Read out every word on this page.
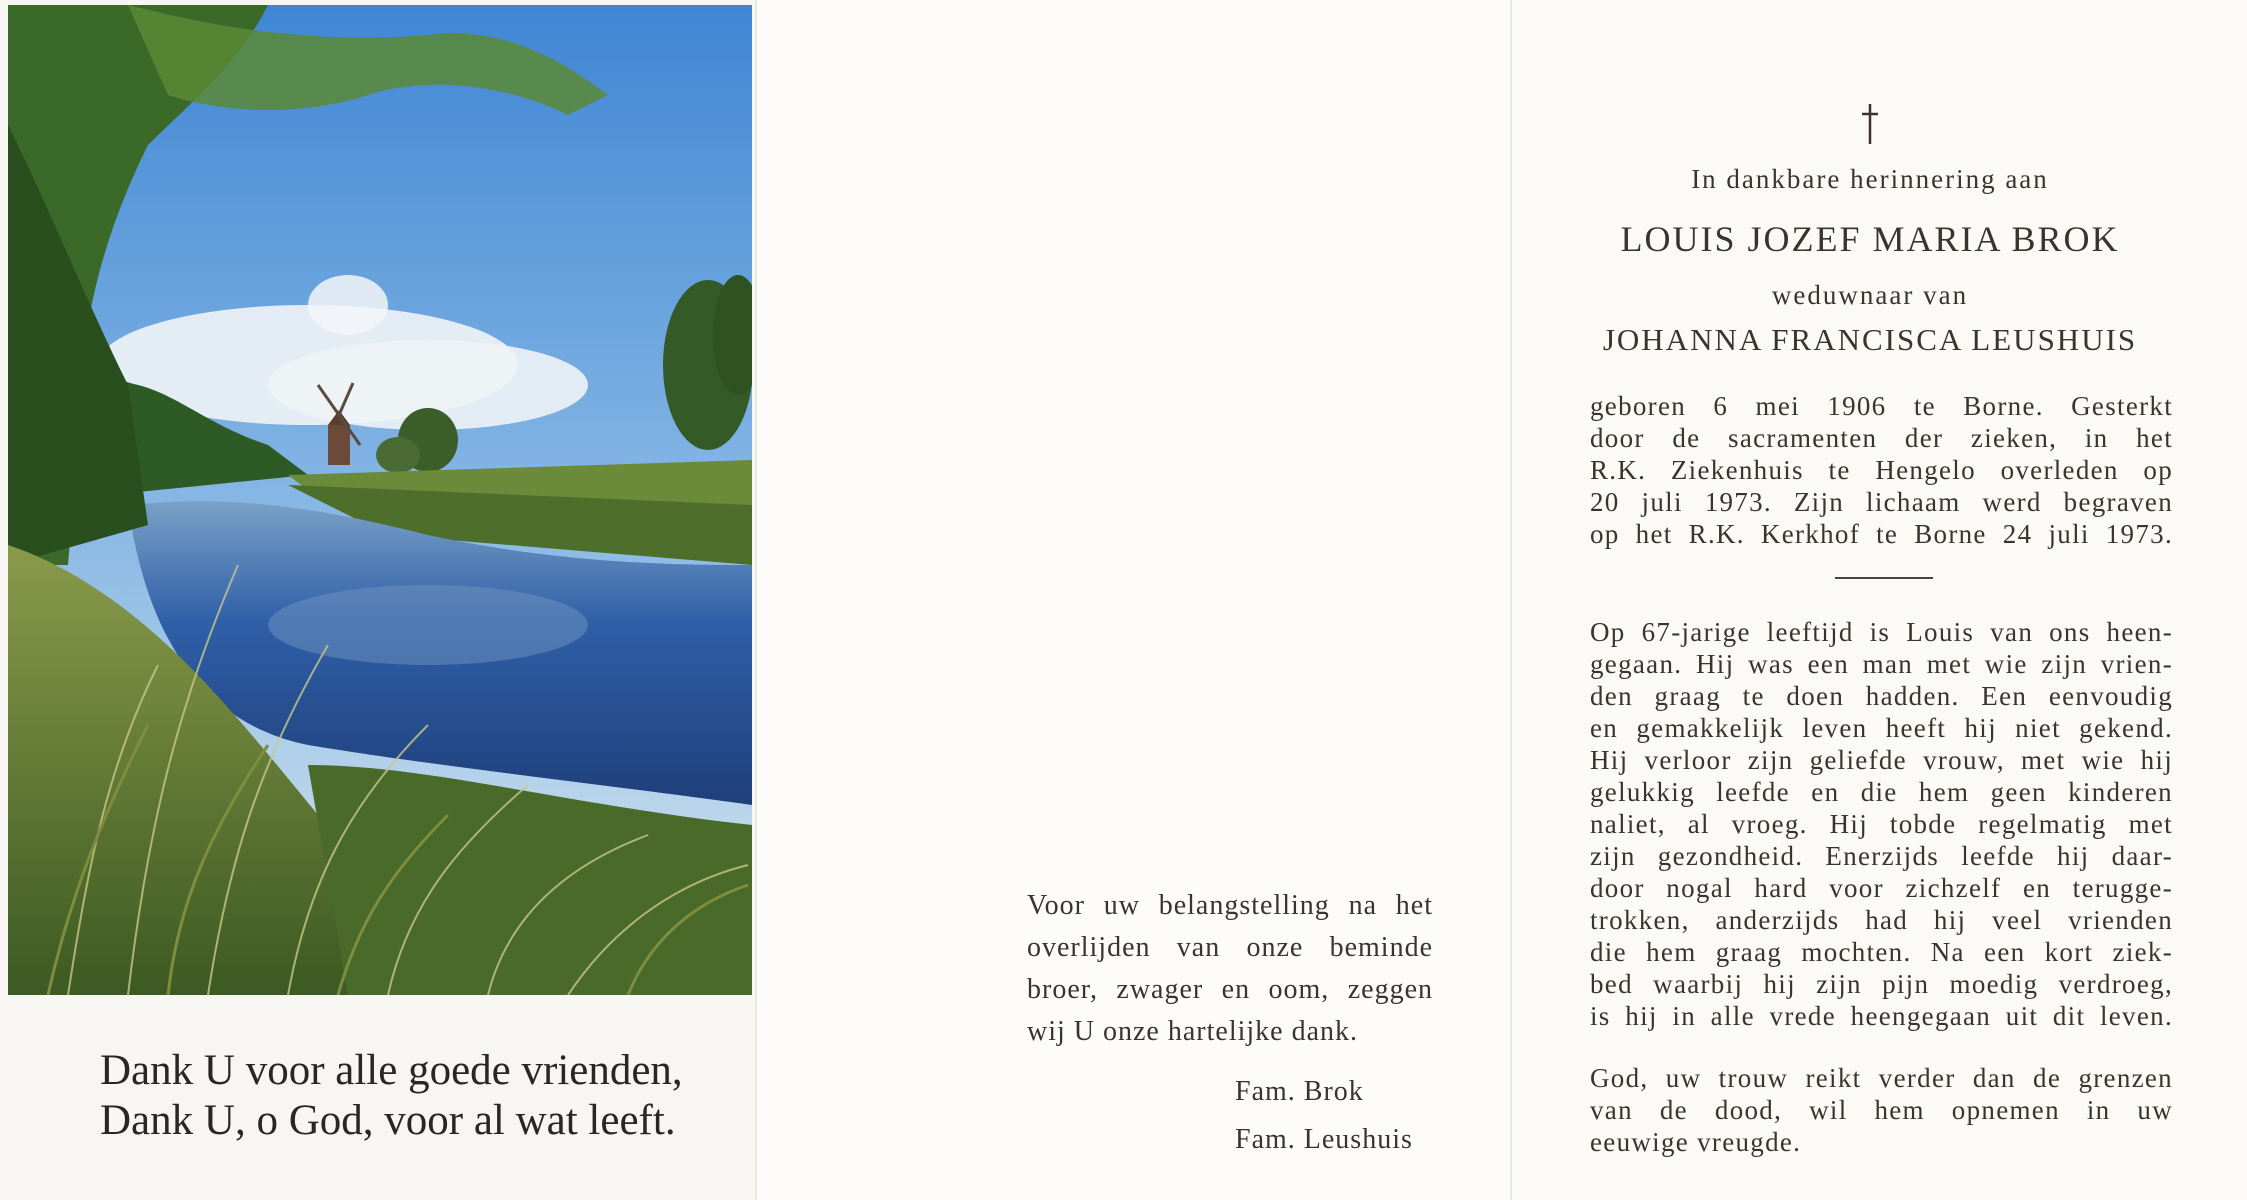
Dank U voor alle goede vrienden,
Dank U, o God, voor al wat leeft.
Voor uw belangstelling na het
overlijden van onze beminde
broer, zwager en oom, zeggen
wij U onze hartelijke dank.
Fam. Brok
Fam. Leushuis
In dankbare herinnering aan
LOUIS JOZEF MARIA BROK
weduwnaar van
JOHANNA FRANCISCA LEUSHUIS
geboren 6 mei 1906 te Borne. Gesterkt
door de sacramenten der zieken, in het
R.K. Ziekenhuis te Hengelo overleden op
20 juli 1973. Zijn lichaam werd begraven
op het R.K. Kerkhof te Borne 24 juli 1973.
Op 67-jarige leeftijd is Louis van ons heen-
gegaan. Hij was een man met wie zijn vrien-
den graag te doen hadden. Een eenvoudig
en gemakkelijk leven heeft hij niet gekend.
Hij verloor zijn geliefde vrouw, met wie hij
gelukkig leefde en die hem geen kinderen
naliet, al vroeg. Hij tobde regelmatig met
zijn gezondheid. Enerzijds leefde hij daar-
door nogal hard voor zichzelf en terugge-
trokken, anderzijds had hij veel vrienden
die hem graag mochten. Na een kort ziek-
bed waarbij hij zijn pijn moedig verdroeg,
is hij in alle vrede heengegaan uit dit leven.
God, uw trouw reikt verder dan de grenzen
van de dood, wil hem opnemen in uw
eeuwige vreugde.
